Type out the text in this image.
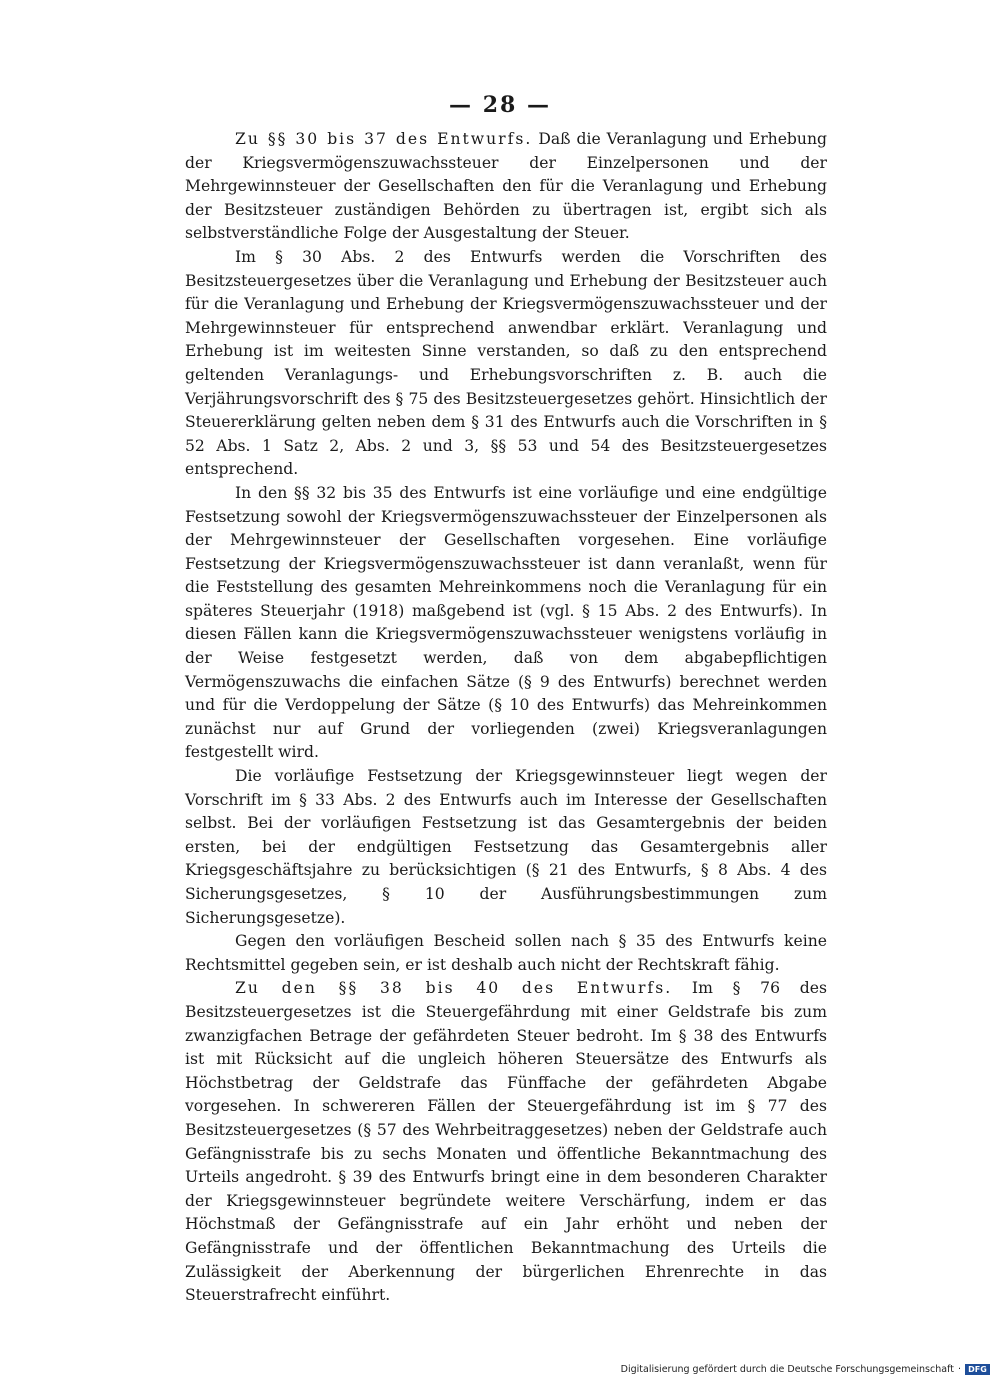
— 28 —

Zu §§ 30 bis 37 des Entwurfs. Daß die Veranlagung und Erhebung der Kriegsvermögenszuwachssteuer der Einzelpersonen und der Mehrgewinnsteuer der Gesellschaften den für die Veranlagung und Erhebung der Besitzsteuer zuständigen Behörden zu übertragen ist, ergibt sich als selbstverständliche Folge der Ausgestaltung der Steuer.

Im § 30 Abs. 2 des Entwurfs werden die Vorschriften des Besitzsteuergesetzes über die Veranlagung und Erhebung der Besitzsteuer auch für die Veranlagung und Erhebung der Kriegsvermögenszuwachssteuer und der Mehrgewinnsteuer für entsprechend anwendbar erklärt. Veranlagung und Erhebung ist im weitesten Sinne verstanden, so daß zu den entsprechend geltenden Veranlagungs- und Erhebungsvorschriften z. B. auch die Verjährungsvorschrift des § 75 des Besitzsteuergesetzes gehört. Hinsichtlich der Steuererklärung gelten neben dem § 31 des Entwurfs auch die Vorschriften in § 52 Abs. 1 Satz 2, Abs. 2 und 3, §§ 53 und 54 des Besitzsteuergesetzes entsprechend.

In den §§ 32 bis 35 des Entwurfs ist eine vorläufige und eine endgültige Festsetzung sowohl der Kriegsvermögenszuwachssteuer der Einzelpersonen als der Mehrgewinnsteuer der Gesellschaften vorgesehen. Eine vorläufige Festsetzung der Kriegsvermögenszuwachssteuer ist dann veranlaßt, wenn für die Feststellung des gesamten Mehreinkommens noch die Veranlagung für ein späteres Steuerjahr (1918) maßgebend ist (vgl. § 15 Abs. 2 des Entwurfs). In diesen Fällen kann die Kriegsvermögenszuwachssteuer wenigstens vorläufig in der Weise festgesetzt werden, daß von dem abgabepflichtigen Vermögenszuwachs die einfachen Sätze (§ 9 des Entwurfs) berechnet werden und für die Verdoppelung der Sätze (§ 10 des Entwurfs) das Mehreinkommen zunächst nur auf Grund der vorliegenden (zwei) Kriegsveranlagungen festgestellt wird.

Die vorläufige Festsetzung der Kriegsgewinnsteuer liegt wegen der Vorschrift im § 33 Abs. 2 des Entwurfs auch im Interesse der Gesellschaften selbst. Bei der vorläufigen Festsetzung ist das Gesamtergebnis der beiden ersten, bei der endgültigen Festsetzung das Gesamtergebnis aller Kriegsgeschäftsjahre zu berücksichtigen (§ 21 des Entwurfs, § 8 Abs. 4 des Sicherungsgesetzes, § 10 der Ausführungsbestimmungen zum Sicherungsgesetze).

Gegen den vorläufigen Bescheid sollen nach § 35 des Entwurfs keine Rechtsmittel gegeben sein, er ist deshalb auch nicht der Rechtskraft fähig.

Zu den §§ 38 bis 40 des Entwurfs. Im § 76 des Besitzsteuergesetzes ist die Steuergefährdung mit einer Geldstrafe bis zum zwanzigfachen Betrage der gefährdeten Steuer bedroht. Im § 38 des Entwurfs ist mit Rücksicht auf die ungleich höheren Steuersätze des Entwurfs als Höchstbetrag der Geldstrafe das Fünffache der gefährdeten Abgabe vorgesehen. In schwereren Fällen der Steuergefährdung ist im § 77 des Besitzsteuergesetzes (§ 57 des Wehrbeitraggesetzes) neben der Geldstrafe auch Gefängnisstrafe bis zu sechs Monaten und öffentliche Bekanntmachung des Urteils angedroht. § 39 des Entwurfs bringt eine in dem besonderen Charakter der Kriegsgewinnsteuer begründete weitere Verschärfung, indem er das Höchstmaß der Gefängnisstrafe auf ein Jahr erhöht und neben der Gefängnisstrafe und der öffentlichen Bekanntmachung des Urteils die Zulässigkeit der Aberkennung der bürgerlichen Ehrenrechte in das Steuerstrafrecht einführt.

Digitalisierung gefördert durch die Deutsche Forschungsgemeinschaft · DFG
